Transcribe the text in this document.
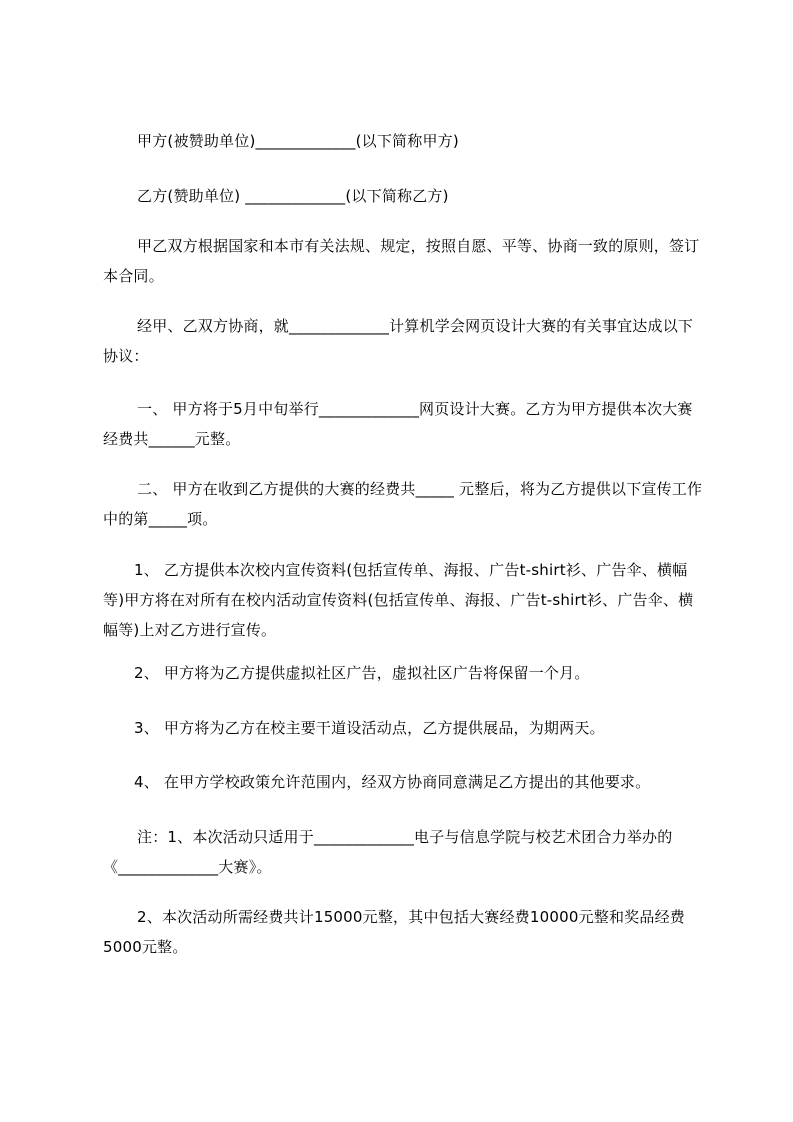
甲方(被赞助单位)_____________(以下简称甲方)

乙方(赞助单位) _____________(以下简称乙方)

甲乙双方根据国家和本市有关法规、规定，按照自愿、平等、协商一致的原则，签订本合同。

经甲、乙双方协商，就_____________计算机学会网页设计大赛的有关事宜达成以下协议：

一、 甲方将于5月中旬举行_____________网页设计大赛。乙方为甲方提供本次大赛经费共______元整。

二、 甲方在收到乙方提供的大赛的经费共_____ 元整后，将为乙方提供以下宣传工作中的第_____项。

1、 乙方提供本次校内宣传资料(包括宣传单、海报、广告t-shirt衫、广告伞、横幅等)甲方将在对所有在校内活动宣传资料(包括宣传单、海报、广告t-shirt衫、广告伞、横幅等)上对乙方进行宣传。

2、 甲方将为乙方提供虚拟社区广告，虚拟社区广告将保留一个月。

3、 甲方将为乙方在校主要干道设活动点，乙方提供展品，为期两天。

4、 在甲方学校政策允许范围内，经双方协商同意满足乙方提出的其他要求。

注：1、本次活动只适用于_____________电子与信息学院与校艺术团合力举办的《_____________大赛》。

2、本次活动所需经费共计15000元整，其中包括大赛经费10000元整和奖品经费5000元整。
